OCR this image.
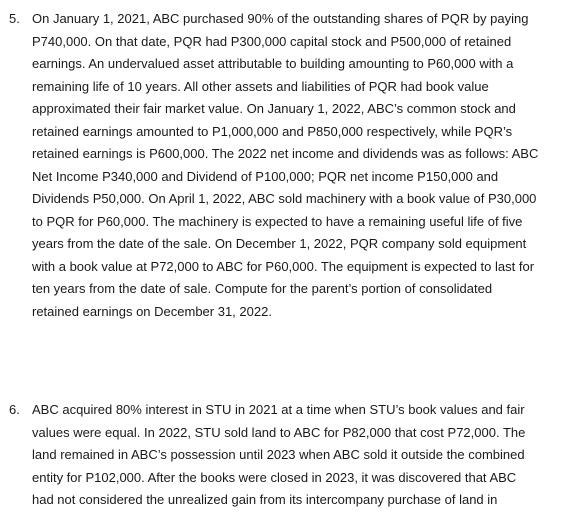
5. On January 1, 2021, ABC purchased 90% of the outstanding shares of PQR by paying
P740,000. On that date, PQR had P300,000 capital stock and P500,000 of retained
earnings. An undervalued asset attributable to building amounting to P60,000 with a
remaining life of 10 years. All other assets and liabilities of PQR had book value
approximated their fair market value. On January 1, 2022, ABC’s common stock and
retained earnings amounted to P1,000,000 and P850,000 respectively, while PQR’s
retained earnings is P600,000. The 2022 net income and dividends was as follows: ABC
Net Income P340,000 and Dividend of P100,000; PQR net income P150,000 and
Dividends P50,000. On April 1, 2022, ABC sold machinery with a book value of P30,000
to PQR for P60,000. The machinery is expected to have a remaining useful life of five
years from the date of the sale. On December 1, 2022, PQR company sold equipment
with a book value at P72,000 to ABC for P60,000. The equipment is expected to last for
ten years from the date of sale. Compute for the parent’s portion of consolidated
retained earnings on December 31, 2022.
6. ABC acquired 80% interest in STU in 2021 at a time when STU’s book values and fair
values were equal. In 2022, STU sold land to ABC for P82,000 that cost P72,000. The
land remained in ABC’s possession until 2023 when ABC sold it outside the combined
entity for P102,000. After the books were closed in 2023, it was discovered that ABC
had not considered the unrealized gain from its intercompany purchase of land in
